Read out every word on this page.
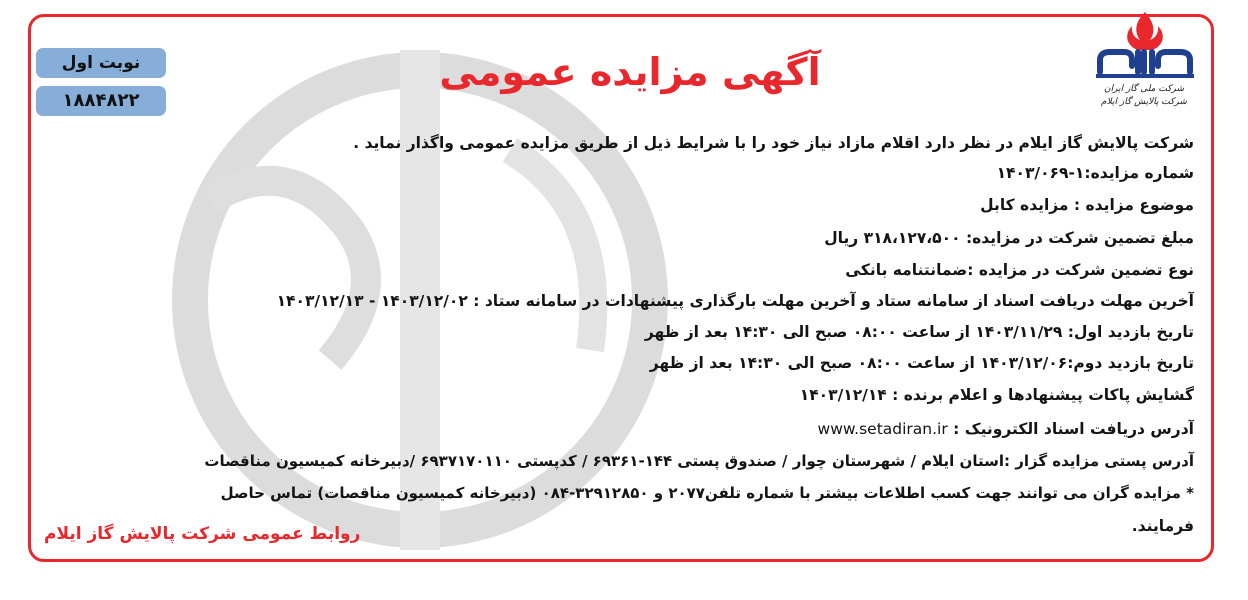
شرکت ملی گاز ایران
شرکت پالایش گاز ایلام
آگهی مزایده عمومی
نوبت اول
۱۸۸۴۸۲۲
شرکت پالایش گاز ایلام در نظر دارد اقلام مازاد نیاز خود را با شرایط ذیل از طریق مزایده عمومی واگذار نماید .
شماره مزایده:۱-۱۴۰۳/۰۶۹
موضوع مزایده : مزایده کابل
مبلغ تضمین شرکت در مزایده: ۳۱۸،۱۲۷،۵۰۰ ریال
نوع تضمین شرکت در مزایده :ضمانتنامه بانکی
آخرین مهلت دریافت اسناد از سامانه ستاد و آخرین مهلت بارگذاری پیشنهادات در سامانه ستاد : ۱۴۰۳/۱۲/۰۲ - ۱۴۰۳/۱۲/۱۳
تاریخ بازدید اول: ۱۴۰۳/۱۱/۲۹ از ساعت ۰۸:۰۰ صبح الی ۱۴:۳۰ بعد از ظهر
تاریخ بازدید دوم:۱۴۰۳/۱۲/۰۶ از ساعت ۰۸:۰۰ صبح الی ۱۴:۳۰ بعد از ظهر
گشایش پاکات پیشنهادها و اعلام برنده : ۱۴۰۳/۱۲/۱۴
آدرس دریافت اسناد الکترونیک : www.setadiran.ir
آدرس پستی مزایده گزار :استان ایلام / شهرستان چوار / صندوق پستی ۱۴۴-۶۹۳۶۱ / کدپستی ۶۹۳۷۱۷۰۱۱۰ /دبیرخانه کمیسیون مناقصات
* مزایده گران می توانند جهت کسب اطلاعات بیشتر با شماره تلفن۲۰۷۷ و ۳۲۹۱۲۸۵۰-۰۸۴ (دبیرخانه کمیسیون مناقصات) تماس حاصل
فرمایند.
روابط عمومی شرکت پالایش گاز ایلام
